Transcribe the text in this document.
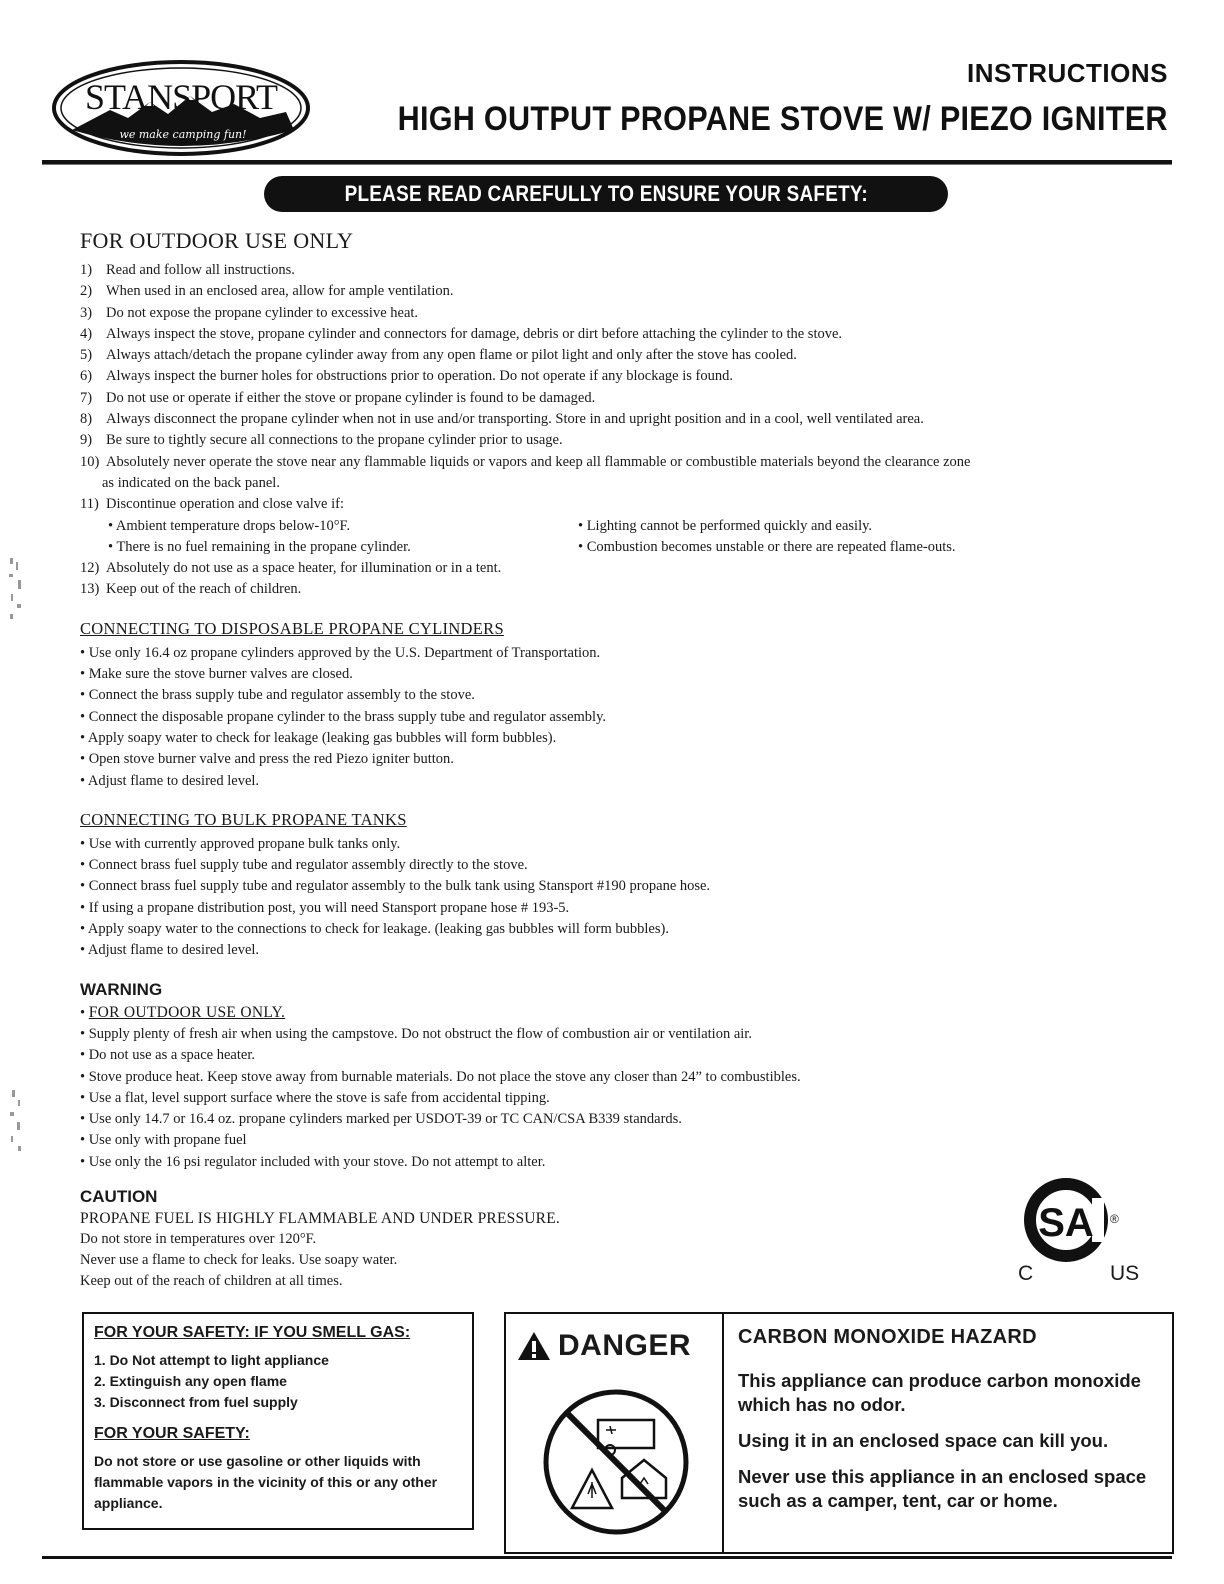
STANSPORT
we make camping fun!
INSTRUCTIONS
HIGH OUTPUT PROPANE STOVE W/ PIEZO IGNITER
PLEASE READ CAREFULLY TO ENSURE YOUR SAFETY:
FOR OUTDOOR USE ONLY
1) Read and follow all instructions.
2) When used in an enclosed area, allow for ample ventilation.
3) Do not expose the propane cylinder to excessive heat.
4) Always inspect the stove, propane cylinder and connectors for damage, debris or dirt before attaching the cylinder to the stove.
5) Always attach/detach the propane cylinder away from any open flame or pilot light and only after the stove has cooled.
6) Always inspect the burner holes for obstructions prior to operation. Do not operate if any blockage is found.
7) Do not use or operate if either the stove or propane cylinder is found to be damaged.
8) Always disconnect the propane cylinder when not in use and/or transporting. Store in and upright position and in a cool, well ventilated area.
9) Be sure to tightly secure all connections to the propane cylinder prior to usage.
10) Absolutely never operate the stove near any flammable liquids or vapors and keep all flammable or combustible materials beyond the clearance zone
as indicated on the back panel.
11) Discontinue operation and close valve if:
• Ambient temperature drops below-10°F.
• There is no fuel remaining in the propane cylinder.
• Lighting cannot be performed quickly and easily.
• Combustion becomes unstable or there are repeated flame-outs.
12) Absolutely do not use as a space heater, for illumination or in a tent.
13) Keep out of the reach of children.
CONNECTING TO DISPOSABLE PROPANE CYLINDERS
• Use only 16.4 oz propane cylinders approved by the U.S. Department of Transportation.
• Make sure the stove burner valves are closed.
• Connect the brass supply tube and regulator assembly to the stove.
• Connect the disposable propane cylinder to the brass supply tube and regulator assembly.
• Apply soapy water to check for leakage (leaking gas bubbles will form bubbles).
• Open stove burner valve and press the red Piezo igniter button.
• Adjust flame to desired level.
CONNECTING TO BULK PROPANE TANKS
• Use with currently approved propane bulk tanks only.
• Connect brass fuel supply tube and regulator assembly directly to the stove.
• Connect brass fuel supply tube and regulator assembly to the bulk tank using Stansport #190 propane hose.
• If using a propane distribution post, you will need Stansport propane hose # 193-5.
• Apply soapy water to the connections to check for leakage. (leaking gas bubbles will form bubbles).
• Adjust flame to desired level.
WARNING
• FOR OUTDOOR USE ONLY.
• Supply plenty of fresh air when using the campstove. Do not obstruct the flow of combustion air or ventilation air.
• Do not use as a space heater.
• Stove produce heat. Keep stove away from burnable materials. Do not place the stove any closer than 24” to combustibles.
• Use a flat, level support surface where the stove is safe from accidental tipping.
• Use only 14.7 or 16.4 oz. propane cylinders marked per USDOT-39 or TC CAN/CSA B339 standards.
• Use only with propane fuel
• Use only the 16 psi regulator included with your stove. Do not attempt to alter.
CAUTION

PROPANE FUEL IS HIGHLY FLAMMABLE AND UNDER PRESSURE.

Do not store in temperatures over 120°F.

Never use a flame to check for leaks. Use soapy water.

Keep out of the reach of children at all times.

SA ®
C	US
FOR YOUR SAFETY: IF YOU SMELL GAS:
1. Do Not attempt to light appliance
2. Extinguish any open flame
3. Disconnect from fuel supply
FOR YOUR SAFETY:

Do not store or use gasoline or other liquids with flammable vapors in the vicinity of this or any other appliance.

DANGER CARBON MONOXIDE HAZARD

This appliance can produce carbon monoxide which has no odor.

Using it in an enclosed space can kill you.

Never use this appliance in an enclosed space such as a camper, tent, car or home.
